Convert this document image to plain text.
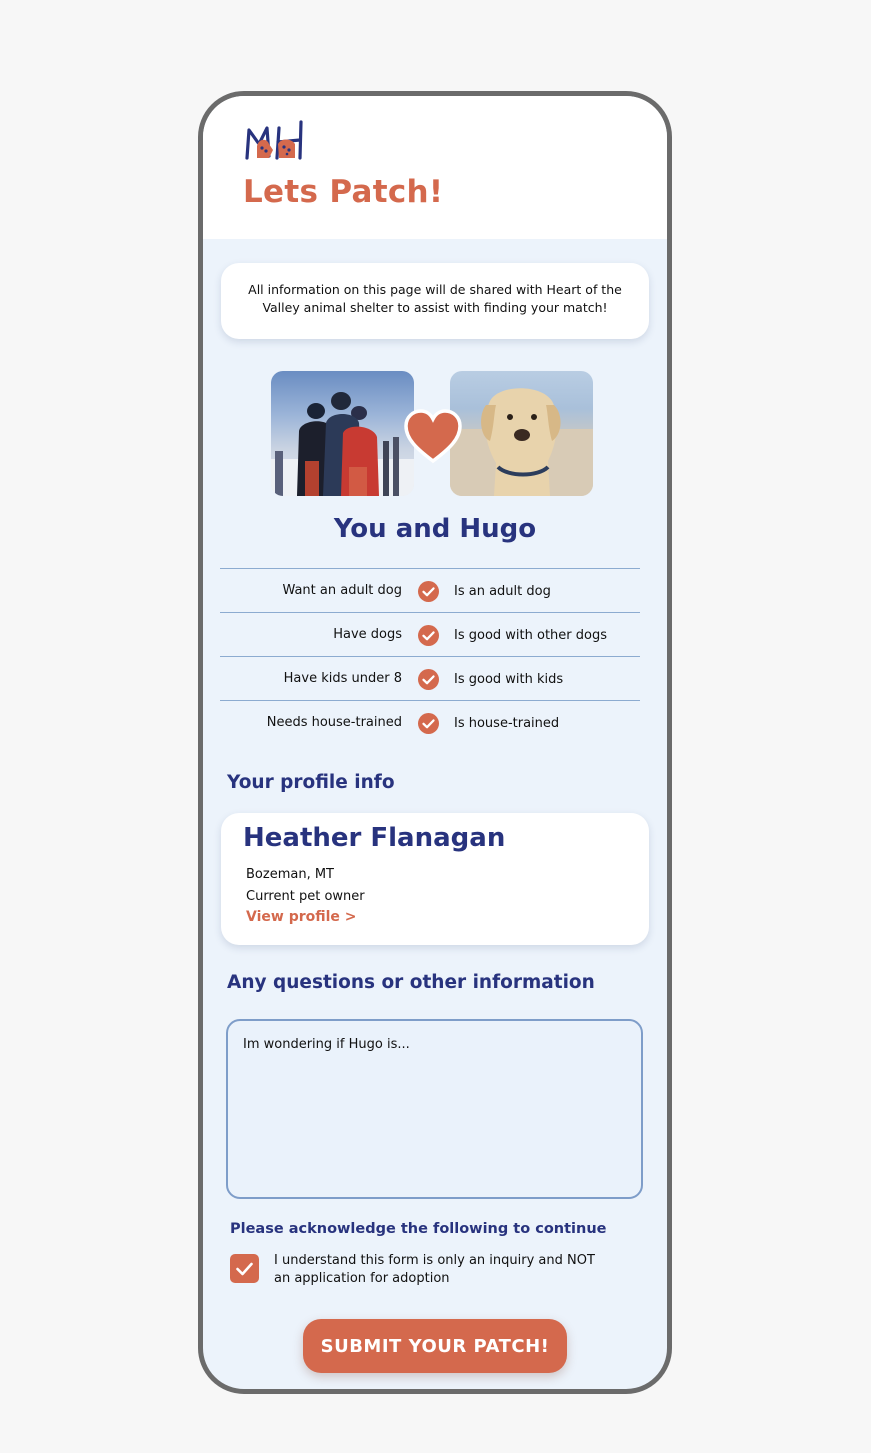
Lets Patch!
All information on this page will de shared with Heart of the Valley animal shelter to assist with finding your match!
You and Hugo
Want an adult dog	Is an adult dog
Have dogs	Is good with other dogs
Have kids under 8	Is good with kids
Needs house-trained	Is house-trained
Your profile info
Heather Flanagan
Bozeman, MT
Current pet owner
View profile >
Any questions or other information
Im wondering if Hugo is...
Please acknowledge the following to continue
I understand this form is only an inquiry and NOT an application for adoption
SUBMIT YOUR PATCH!
